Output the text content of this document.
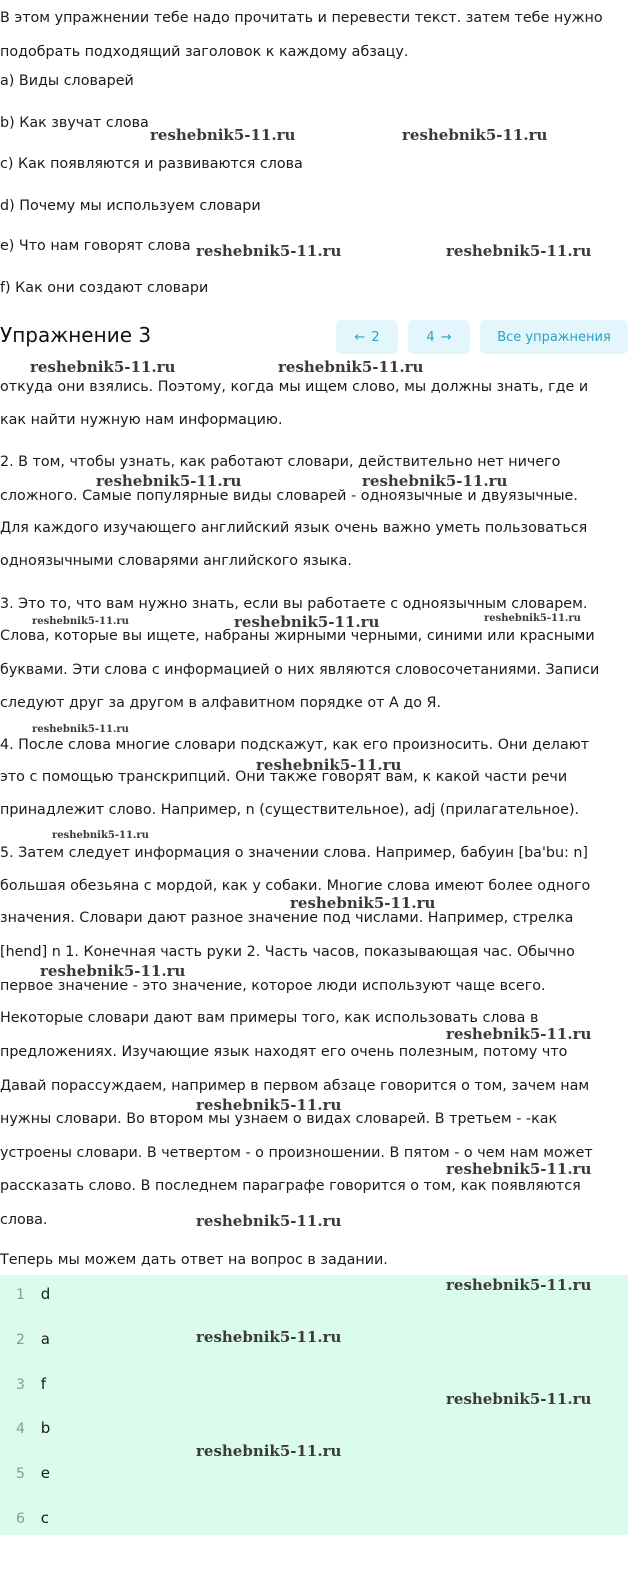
В этом упражнении тебе надо прочитать и перевести текст. затем тебе нужно
подобрать подходящий заголовок к каждому абзацу.
a) Виды словарей
b) Как звучат слова
c) Как появляются и развиваются слова
d) Почему мы используем словари
e) Что нам говорят слова
f) Как они создают словари
Упражнение 3	← 2	4 →	Все упражнения
откуда они взялись. Поэтому, когда мы ищем слово, мы должны знать, где и
как найти нужную нам информацию.
2. В том, чтобы узнать, как работают словари, действительно нет ничего
сложного. Самые популярные виды словарей - одноязычные и двуязычные.
Для каждого изучающего английский язык очень важно уметь пользоваться
одноязычными словарями английского языка.
3. Это то, что вам нужно знать, если вы работаете с одноязычным словарем.
Слова, которые вы ищете, набраны жирными черными, синими или красными
буквами. Эти слова с информацией о них являются словосочетаниями. Записи
следуют друг за другом в алфавитном порядке от A до Я.
4. После слова многие словари подскажут, как его произносить. Они делают
это с помощью транскрипций. Они также говорят вам, к какой части речи
принадлежит слово. Например, n (существительное), adj (прилагательное).
5. Затем следует информация о значении слова. Например, бабуин [ba'bu: n]
большая обезьяна с мордой, как у собаки. Многие слова имеют более одного
значения. Словари дают разное значение под числами. Например, стрелка
[hend] n 1. Конечная часть руки 2. Часть часов, показывающая час. Обычно
первое значение - это значение, которое люди используют чаще всего.
Некоторые словари дают вам примеры того, как использовать слова в
предложениях. Изучающие язык находят его очень полезным, потому что
Давай порассуждаем, например в первом абзаце говорится о том, зачем нам
нужны словари. Во втором мы узнаем о видах словарей. В третьем - -как
устроены словари. В четвертом - о произношении. В пятом - о чем нам может
рассказать слово. В последнем параграфе говорится о том, как появляются
слова.
Теперь мы можем дать ответ на вопрос в задании.
1 d
2 a
3 f
4 b
5 e
6 c
reshebnik5-11.ru	reshebnik5-11.ru
reshebnik5-11.ru	reshebnik5-11.ru
reshebnik5-11.ru	reshebnik5-11.ru
reshebnik5-11.ru	reshebnik5-11.ru
reshebnik5-11.ru	reshebnik5-11.ru	reshebnik5-11.ru
reshebnik5-11.ru
reshebnik5-11.ru
reshebnik5-11.ru
reshebnik5-11.ru
reshebnik5-11.ru
reshebnik5-11.ru
reshebnik5-11.ru
reshebnik5-11.ru
reshebnik5-11.ru
reshebnik5-11.ru
reshebnik5-11.ru
reshebnik5-11.ru
reshebnik5-11.ru
